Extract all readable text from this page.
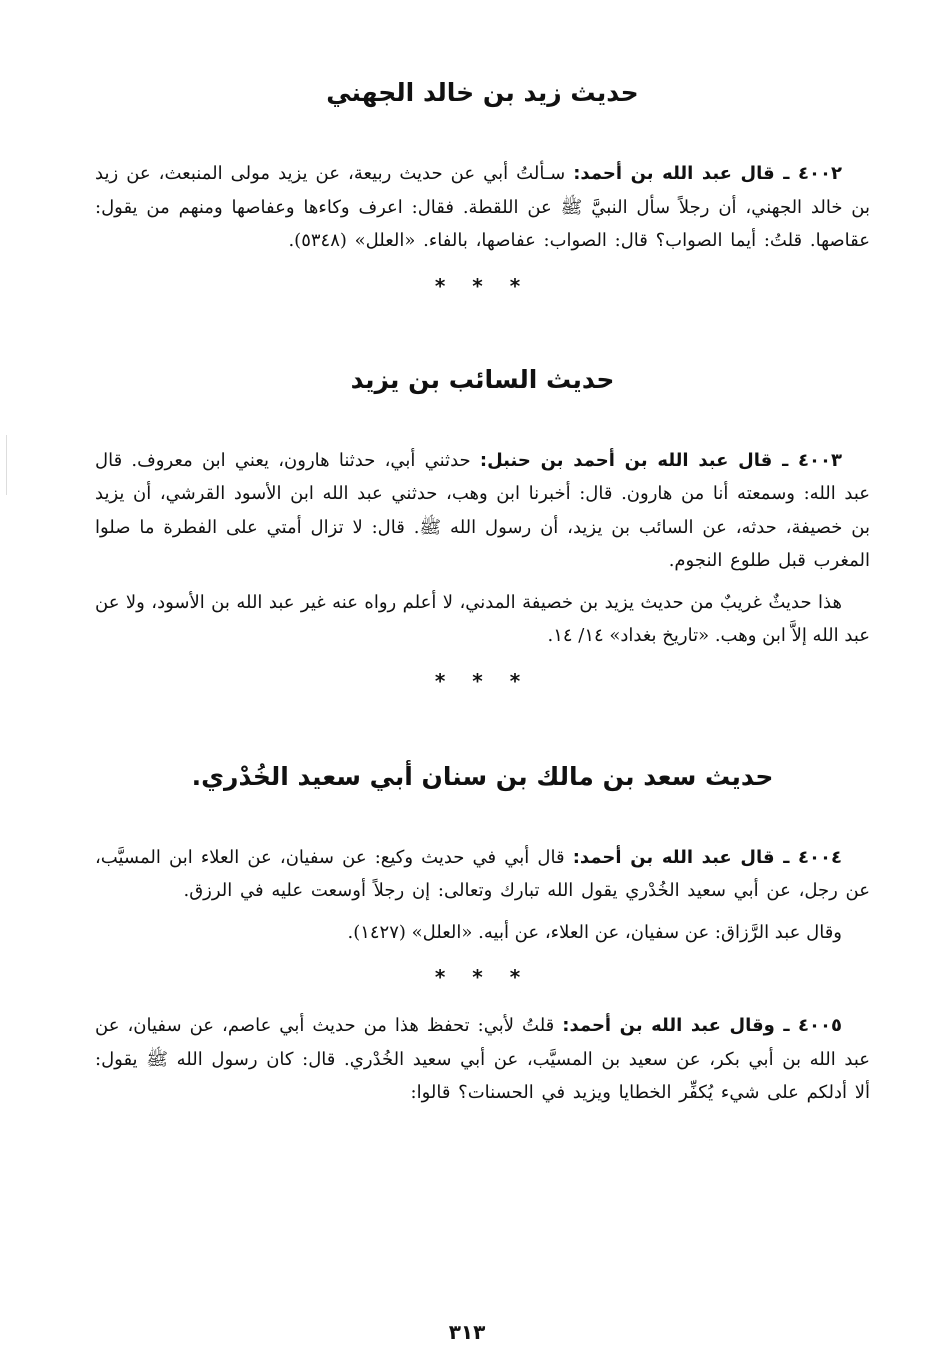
حديث زيد بن خالد الجهني

٤٠٠٢ ـ قال عبد الله بن أحمد: سـألتُ أبي عن حديث ربيعة، عن يزيد مولى المنبعث، عن زيد بن خالد الجهني، أن رجلاً سأل النبيَّ ﷺ عن اللقطة. فقال: اعرف وكاءها وعفاصها ومنهم من يقول: عقاصها. قلتُ: أيما الصواب؟ قال: الصواب: عفاصها، بالفاء. «العلل» (٥٣٤٨).

* * *
حديث السائب بن يزيد

٤٠٠٣ ـ قال عبد الله بن أحمد بن حنبل: حدثني أبي، حدثنا هارون، يعني ابن معروف. قال عبد الله: وسمعته أنا من هارون. قال: أخبرنا ابن وهب، حدثني عبد الله ابن الأسود القرشي، أن يزيد بن خصيفة، حدثه، عن السائب بن يزيد، أن رسول الله ﷺ. قال: لا تزال أمتي على الفطرة ما صلوا المغرب قبل طلوع النجوم.

هذا حديثٌ غريبٌ من حديث يزيد بن خصيفة المدني، لا أعلم رواه عنه غير عبد الله بن الأسود، ولا عن عبد الله إلاَّ ابن وهب. «تاريخ بغداد» ١٤/ ١٤.

* * *
حديث سعد بن مالك بن سنان أبي سعيد الخُدْري.

٤٠٠٤ ـ قال عبد الله بن أحمد: قال أبي في حديث وكيع: عن سفيان، عن العلاء ابن المسيَّب، عن رجل، عن أبي سعيد الخُدْري يقول الله تبارك وتعالى: إن رجلاً أوسعت عليه في الرزق.

وقال عبد الرَّزاق: عن سفيان، عن العلاء، عن أبيه. «العلل» (١٤٢٧).

* * *

٤٠٠٥ ـ وقال عبد الله بن أحمد: قلتُ لأبي: تحفظ هذا من حديث أبي عاصم، عن سفيان، عن عبد الله بن أبي بكر، عن سعيد بن المسيَّب، عن أبي سعيد الخُدْري. قال: كان رسول الله ﷺ يقول: ألا أدلكم على شيء يُكفِّر الخطايا ويزيد في الحسنات؟ قالوا:

٣١٣
